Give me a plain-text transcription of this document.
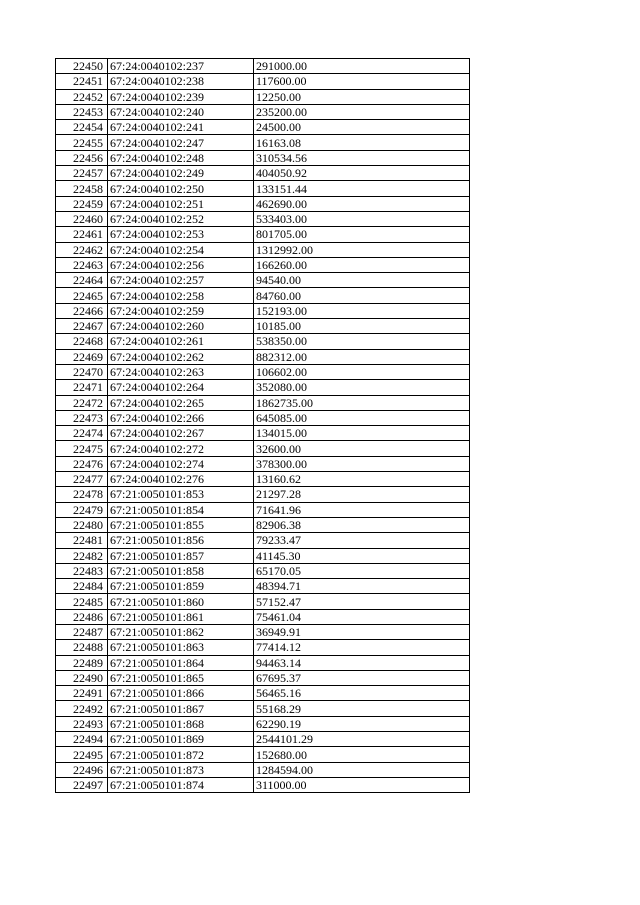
22450	67:24:0040102:237	291000.00
22451	67:24:0040102:238	117600.00
22452	67:24:0040102:239	12250.00
22453	67:24:0040102:240	235200.00
22454	67:24:0040102:241	24500.00
22455	67:24:0040102:247	16163.08
22456	67:24:0040102:248	310534.56
22457	67:24:0040102:249	404050.92
22458	67:24:0040102:250	133151.44
22459	67:24:0040102:251	462690.00
22460	67:24:0040102:252	533403.00
22461	67:24:0040102:253	801705.00
22462	67:24:0040102:254	1312992.00
22463	67:24:0040102:256	166260.00
22464	67:24:0040102:257	94540.00
22465	67:24:0040102:258	84760.00
22466	67:24:0040102:259	152193.00
22467	67:24:0040102:260	10185.00
22468	67:24:0040102:261	538350.00
22469	67:24:0040102:262	882312.00
22470	67:24:0040102:263	106602.00
22471	67:24:0040102:264	352080.00
22472	67:24:0040102:265	1862735.00
22473	67:24:0040102:266	645085.00
22474	67:24:0040102:267	134015.00
22475	67:24:0040102:272	32600.00
22476	67:24:0040102:274	378300.00
22477	67:24:0040102:276	13160.62
22478	67:21:0050101:853	21297.28
22479	67:21:0050101:854	71641.96
22480	67:21:0050101:855	82906.38
22481	67:21:0050101:856	79233.47
22482	67:21:0050101:857	41145.30
22483	67:21:0050101:858	65170.05
22484	67:21:0050101:859	48394.71
22485	67:21:0050101:860	57152.47
22486	67:21:0050101:861	75461.04
22487	67:21:0050101:862	36949.91
22488	67:21:0050101:863	77414.12
22489	67:21:0050101:864	94463.14
22490	67:21:0050101:865	67695.37
22491	67:21:0050101:866	56465.16
22492	67:21:0050101:867	55168.29
22493	67:21:0050101:868	62290.19
22494	67:21:0050101:869	2544101.29
22495	67:21:0050101:872	152680.00
22496	67:21:0050101:873	1284594.00
22497	67:21:0050101:874	311000.00
